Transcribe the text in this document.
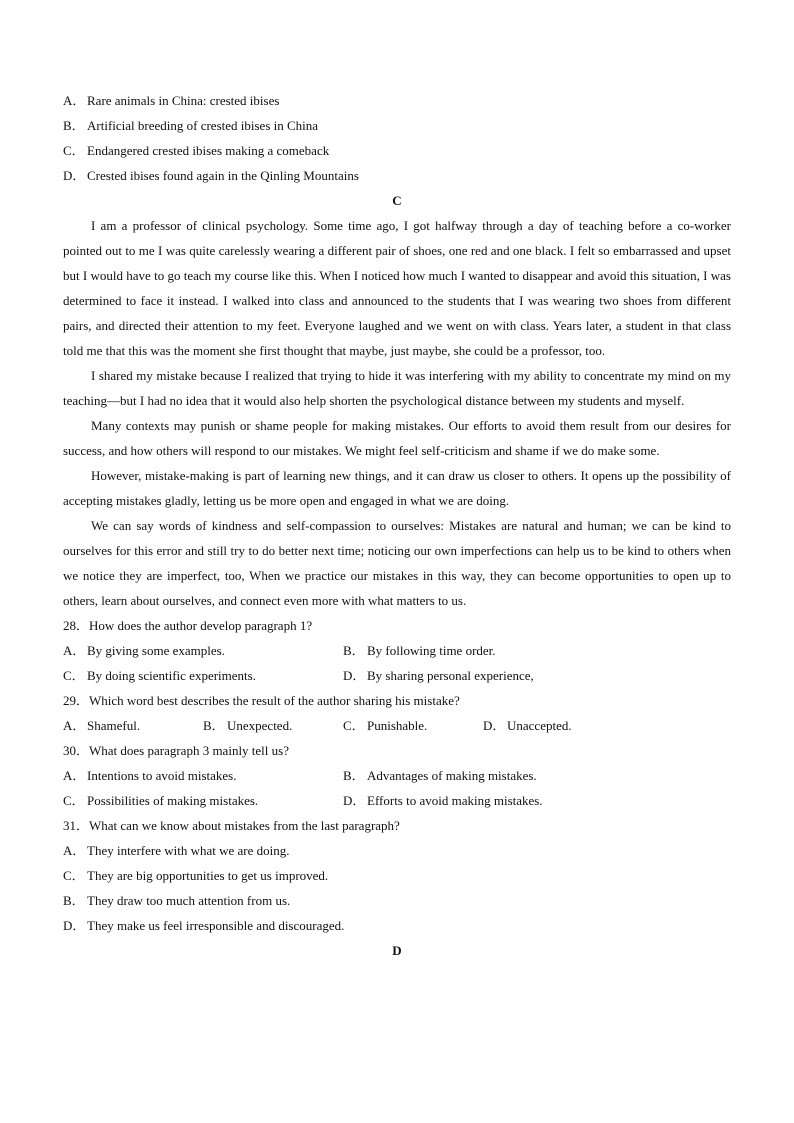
A． Rare animals in China: crested ibises
B． Artificial breeding of crested ibises in China
C． Endangered crested ibises making a comeback
D． Crested ibises found again in the Qinling Mountains
C

I am a professor of clinical psychology. Some time ago, I got halfway through a day of teaching before a co-worker pointed out to me I was quite carelessly wearing a different pair of shoes, one red and one black. I felt so embarrassed and upset but I would have to go teach my course like this. When I noticed how much I wanted to disappear and avoid this situation, I was determined to face it instead. I walked into class and announced to the students that I was wearing two shoes from different pairs, and directed their attention to my feet. Everyone laughed and we went on with class. Years later, a student in that class told me that this was the moment she first thought that maybe, just maybe, she could be a professor, too.

I shared my mistake because I realized that trying to hide it was interfering with my ability to concentrate my mind on my teaching—but I had no idea that it would also help shorten the psychological distance between my students and myself.

Many contexts may punish or shame people for making mistakes. Our efforts to avoid them result from our desires for success, and how others will respond to our mistakes. We might feel self-criticism and shame if we do make some.

However, mistake-making is part of learning new things, and it can draw us closer to others. It opens up the possibility of accepting mistakes gladly, letting us be more open and engaged in what we are doing.

We can say words of kindness and self-compassion to ourselves: Mistakes are natural and human; we can be kind to ourselves for this error and still try to do better next time; noticing our own imperfections can help us to be kind to others when we notice they are imperfect, too, When we practice our mistakes in this way, they can become opportunities to open up to others, learn about ourselves, and connect even more with what matters to us.

28．How does the author develop paragraph 1?
A． By giving some examples.	B． By following time order.
C． By doing scientific experiments.	D． By sharing personal experience,
29．Which word best describes the result of the author sharing his mistake?
A． Shameful.	B． Unexpected.	C． Punishable.	D． Unaccepted.
30．What does paragraph 3 mainly tell us?
A． Intentions to avoid mistakes.	B． Advantages of making mistakes.
C． Possibilities of making mistakes.	D． Efforts to avoid making mistakes.
31．What can we know about mistakes from the last paragraph?
A． They interfere with what we are doing.
C． They are big opportunities to get us improved.
B． They draw too much attention from us.
D． They make us feel irresponsible and discouraged.
D
